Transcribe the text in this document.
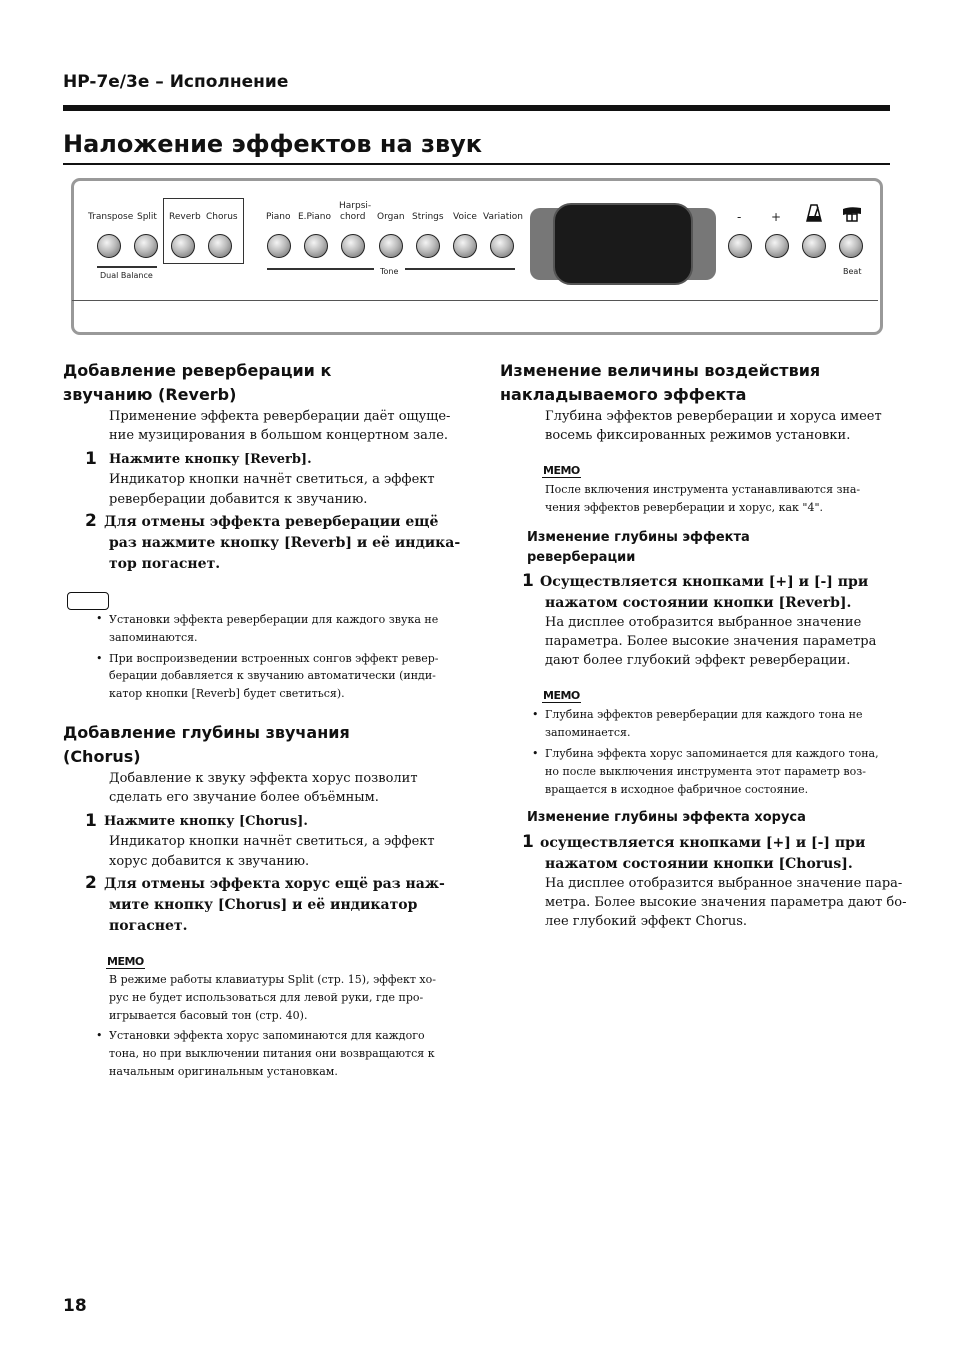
HP-7e/3e – Исполнение
Наложение эффектов на звук
Transpose Split Reverb Chorus
Dual Balance
Piano E.Piano
Harpsi-
chord Organ Strings Voice Variation
Tone
- +
Beat
Добавление реверберации к
звучанию (Reverb)
Применение эффекта реверберации даёт ощуще-
ние музицирования в большом концертном зале.
1 Нажмите кнопку [Reverb].
Индикатор кнопки начнёт светиться, а эффект
реверберации добавится к звучанию.
2 Для отмены эффекта реверберации ещё
раз нажмите кнопку [Reverb] и её индика-
тор погаснет.
• Установки эффекта реверберации для каждого звука не
запоминаются.
• При воспроизведении встроенных сонгов эффект ревер-
берации добавляется к звучанию автоматически (инди-
катор кнопки [Reverb] будет светиться).
Добавление глубины звучания
(Chorus)
Добавление к звуку эффекта хорус позволит
сделать его звучание более объёмным.
1 Нажмите кнопку [Chorus].
Индикатор кнопки начнёт светиться, а эффект
хорус добавится к звучанию.
2 Для отмены эффекта хорус ещё раз наж-
мите кнопку [Chorus] и её индикатор
погаснет.
MEMO
В режиме работы клавиатуры Split (стр. 15), эффект хо-
рус не будет использоваться для левой руки, где про-
игрывается басовый тон (стр. 40).
• Установки эффекта хорус запоминаются для каждого
тона, но при выключении питания они возвращаются к
начальным оригинальным установкам.
Изменение величины воздействия
накладываемого эффекта
Глубина эффектов реверберации и хоруса имеет
восемь фиксированных режимов установки.
MEMO
После включения инструмента устанавливаются зна-
чения эффектов реверберации и хорус, как "4".
Изменение глубины эффекта
реверберации
1 Осуществляется кнопками [+] и [-] при
нажатом состоянии кнопки [Reverb].
На дисплее отобразится выбранное значение
параметра. Более высокие значения параметра
дают более глубокий эффект реверберации.
MEMO
• Глубина эффектов реверберации для каждого тона не
запоминается.
• Глубина эффекта хорус запоминается для каждого тона,
но после выключения инструмента этот параметр воз-
вращается в исходное фабричное состояние.
Изменение глубины эффекта хоруса
1 осуществляется кнопками [+] и [-] при
нажатом состоянии кнопки [Chorus].
На дисплее отобразится выбранное значение пара-
метра. Более высокие значения параметра дают бо-
лее глубокий эффект Chorus.
18
